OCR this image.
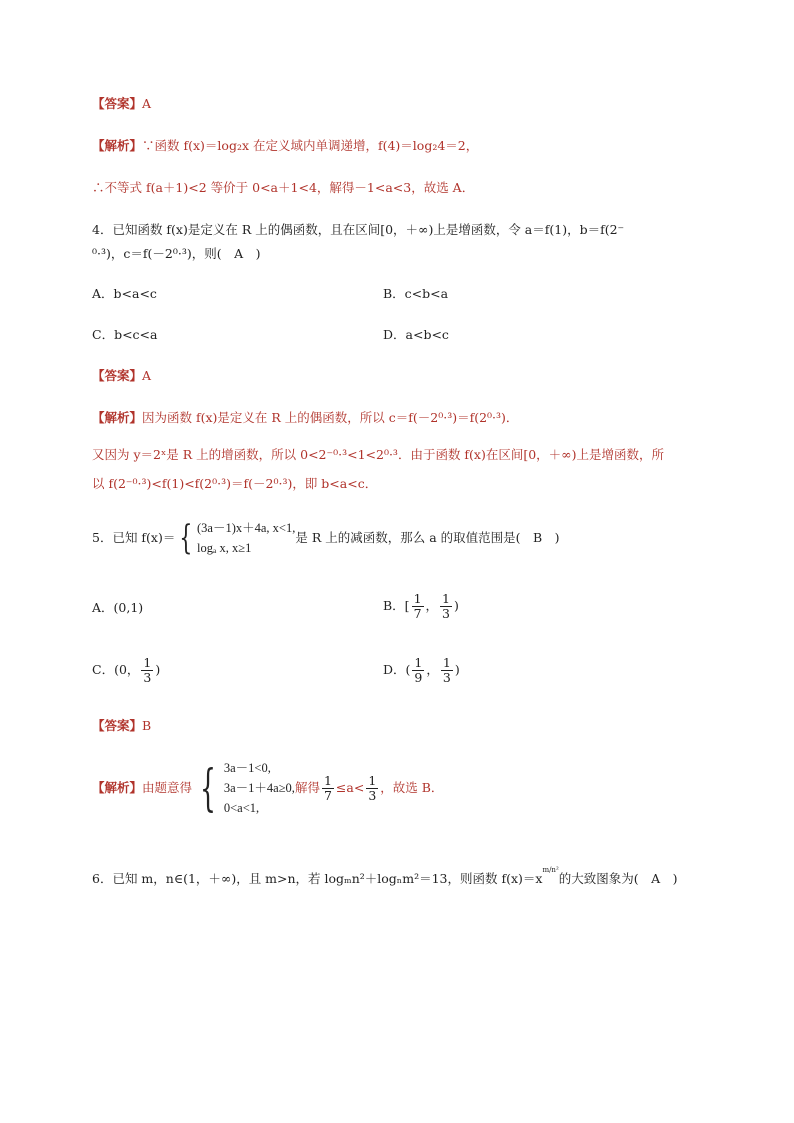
【答案】A
【解析】∵函数 f(x)＝log₂x 在定义域内单调递增，f(4)＝log₂4＝2，
∴不等式 f(a＋1)<2 等价于 0<a＋1<4，解得－1<a<3，故选 A．
4．已知函数 f(x)是定义在 R 上的偶函数，且在区间[0，＋∞)上是增函数，令 a＝f(1)，b＝f(2⁻
⁰·³)，c＝f(－2⁰·³)，则(　A　)
A．b<a<c	B．c<b<a
C．b<c<a	D．a<b<c
【答案】A
【解析】因为函数 f(x)是定义在 R 上的偶函数，所以 c＝f(－2⁰·³)＝f(2⁰·³)．
又因为 y＝2ˣ是 R 上的增函数，所以 0<2⁻⁰·³<1<2⁰·³．由于函数 f(x)在区间[0，＋∞)上是增函数，所
以 f(2⁻⁰·³)<f(1)<f(2⁰·³)＝f(－2⁰·³)，即 b<a<c．
5．已知 f(x)＝ { (3a－1)x＋4a, x<1,
logₐ x, x≥1
是 R 上的减函数，那么 a 的取值范围是(　B　)
A．(0,1)	B．[ $\frac{1}{7}$ ， $\frac{1}{3}$ )
C．(0， $\frac{1}{3}$ )	D．( $\frac{1}{9}$ ， $\frac{1}{3}$ )
【答案】B
【解析】由题意得 { 3a－1<0,
3a－1＋4a≥0,
0<a<1,
解得 $\frac{1}{7} \le a< \frac{1}{3}$ ，故选 B．
6．已知 m，n∈(1，＋∞)，且 m>n，若 logₘn²＋logₙm²＝13，则函数 $f(x)=x^{m/n^2}$的大致图象为(　A　)
